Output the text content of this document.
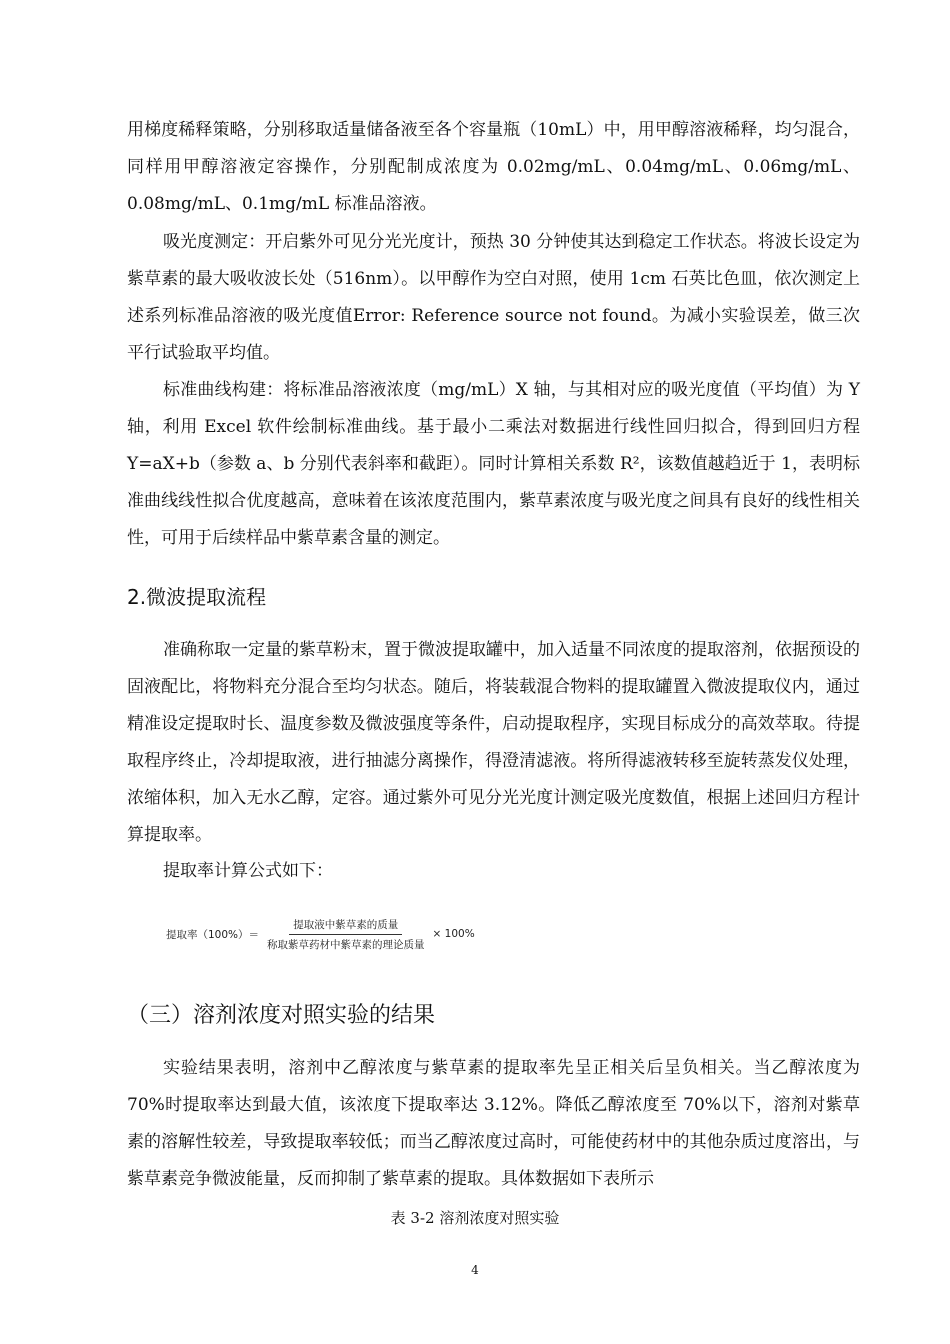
用梯度稀释策略，分别移取适量储备液至各个容量瓶（10mL）中，用甲醇溶液稀释，均匀混合，同样用甲醇溶液定容操作，分别配制成浓度为 0.02mg/mL、0.04mg/mL、0.06mg/mL、0.08mg/mL、0.1mg/mL 标准品溶液。

吸光度测定：开启紫外可见分光光度计，预热 30 分钟使其达到稳定工作状态。将波长设定为紫草素的最大吸收波长处（516nm）。以甲醇作为空白对照，使用 1cm 石英比色皿，依次测定上述系列标准品溶液的吸光度值Error: Reference source not found。为减小实验误差，做三次平行试验取平均值。

标准曲线构建：将标准品溶液浓度（mg/mL）X 轴，与其相对应的吸光度值（平均值）为 Y 轴，利用 Excel 软件绘制标准曲线。基于最小二乘法对数据进行线性回归拟合，得到回归方程 Y=aX+b（参数 a、b 分别代表斜率和截距）。同时计算相关系数 R²，该数值越趋近于 1，表明标准曲线线性拟合优度越高，意味着在该浓度范围内，紫草素浓度与吸光度之间具有良好的线性相关性，可用于后续样品中紫草素含量的测定。

2.微波提取流程

准确称取一定量的紫草粉末，置于微波提取罐中，加入适量不同浓度的提取溶剂，依据预设的固液配比，将物料充分混合至均匀状态。随后，将装载混合物料的提取罐置入微波提取仪内，通过精准设定提取时长、温度参数及微波强度等条件，启动提取程序，实现目标成分的高效萃取。待提取程序终止，冷却提取液，进行抽滤分离操作，得澄清滤液。将所得滤液转移至旋转蒸发仪处理，浓缩体积，加入无水乙醇，定容。通过紫外可见分光光度计测定吸光度数值，根据上述回归方程计算提取率。

提取率计算公式如下：

提取率$(100\%)= \frac{\text{提取液中紫草素的质量}}{\text{称取紫草药材中紫草素的理论质量}} \times 100\%$
（三）溶剂浓度对照实验的结果

实验结果表明，溶剂中乙醇浓度与紫草素的提取率先呈正相关后呈负相关。当乙醇浓度为 70%时提取率达到最大值，该浓度下提取率达 3.12%。降低乙醇浓度至 70%以下，溶剂对紫草素的溶解性较差，导致提取率较低；而当乙醇浓度过高时，可能使药材中的其他杂质过度溶出，与紫草素竞争微波能量，反而抑制了紫草素的提取。具体数据如下表所示

表 3-2 溶剂浓度对照实验

4
